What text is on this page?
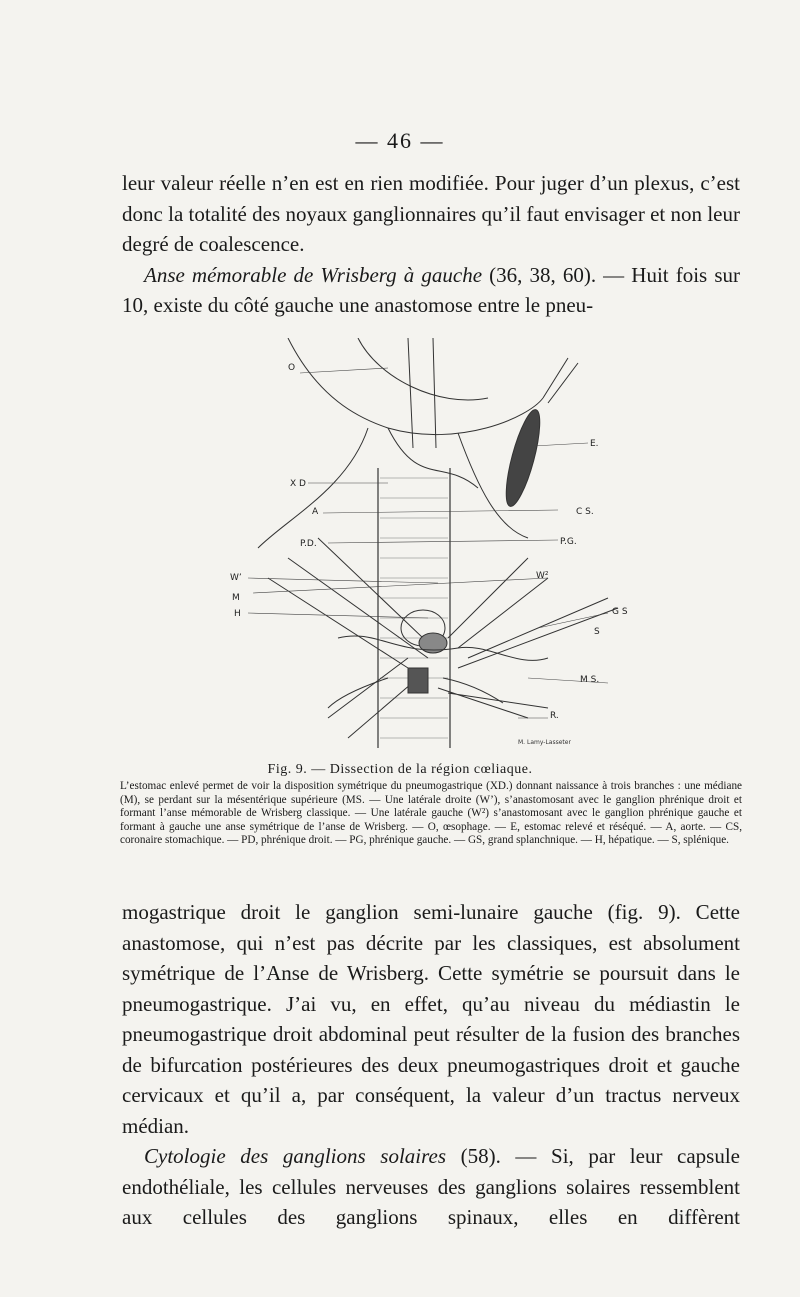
— 46 —

leur valeur réelle n’en est en rien modifiée. Pour juger d’un plexus, c’est donc la totalité des noyaux ganglionnaires qu’il faut envisager et non leur degré de coalescence.

Anse mémorable de Wrisberg à gauche (36, 38, 60). — Huit fois sur 10, existe du côté gauche une anastomose entre le pneu-

O
E.
X D
A	C S.
P.D.	P.G.
W’	W²
M
H	G S
S
M S.
R.
M. Lamy-Lasseter
Fig. 9. — Dissection de la région cœliaque.
L’estomac enlevé permet de voir la disposition symétrique du pneumogastrique (XD.) donnant naissance à trois branches : une médiane (M), se perdant sur la mésentérique supérieure (MS. — Une latérale droite (W’), s’anastomosant avec le ganglion phrénique droit et formant l’anse mémorable de Wrisberg classique. — Une latérale gauche (W²) s’anastomosant avec le ganglion phrénique gauche et formant à gauche une anse symétrique de l’anse de Wrisberg. — O, œsophage. — E, estomac relevé et réséqué. — A, aorte. — CS, coronaire stomachique. — PD, phrénique droit. — PG, phrénique gauche. — GS, grand splanchnique. — H, hépatique. — S, splénique.

mogastrique droit le ganglion semi-lunaire gauche (fig. 9). Cette anastomose, qui n’est pas décrite par les classiques, est absolument symétrique de l’Anse de Wrisberg. Cette symétrie se poursuit dans le pneumogastrique. J’ai vu, en effet, qu’au niveau du médiastin le pneumogastrique droit abdominal peut résulter de la fusion des branches de bifurcation postérieures des deux pneumogastriques droit et gauche cervicaux et qu’il a, par conséquent, la valeur d’un tractus nerveux médian.

Cytologie des ganglions solaires (58). — Si, par leur capsule endothéliale, les cellules nerveuses des ganglions solaires ressemblent aux cellules des ganglions spinaux, elles en diffèrent
